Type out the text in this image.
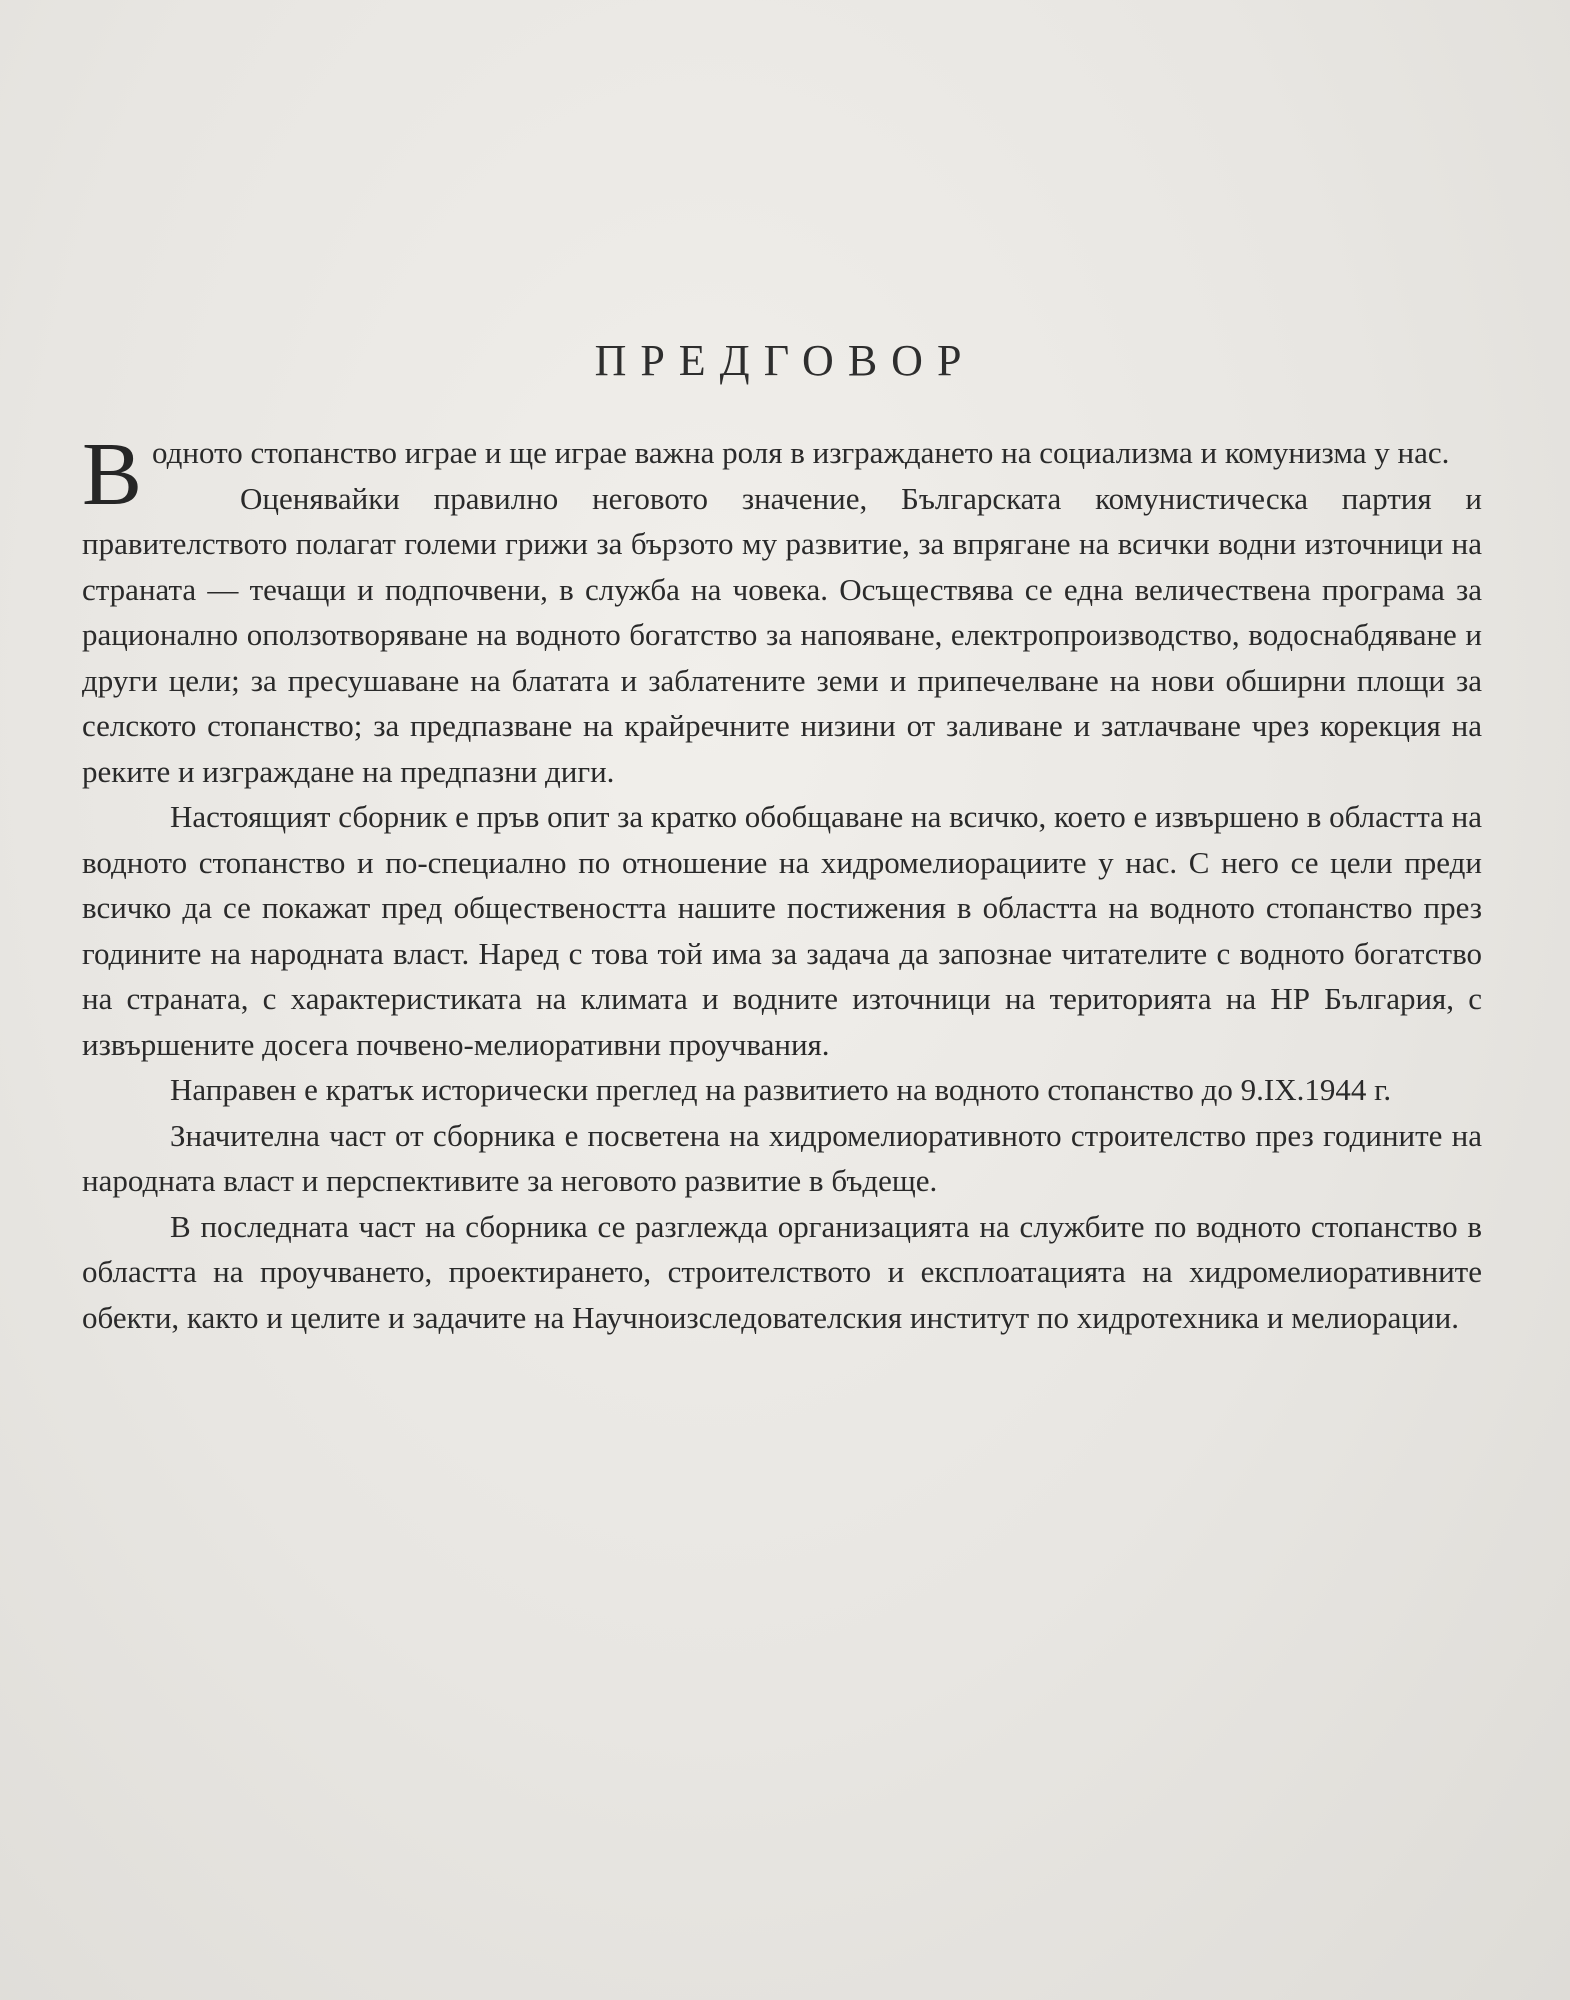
ПРЕДГОВОР

Водното стопанство играе и ще играе важна роля в изграждането на социализма и комунизма у нас.

Оценявайки правилно неговото значение, Българската комунистическа партия и правителството полагат големи грижи за бързото му развитие, за впрягане на всички водни източници на страната — течащи и подпочвени, в служба на човека. Осъществява се една величествена програма за рационално оползотворяване на водното богатство за напояване, електропроизводство, водоснабдяване и други цели; за пресушаване на блатата и заблатените земи и припечелване на нови обширни площи за селското стопанство; за предпазване на крайречните низини от заливане и затлачване чрез корекция на реките и изграждане на предпазни диги.

Настоящият сборник е пръв опит за кратко обобщаване на всичко, което е извършено в областта на водното стопанство и по-специално по отношение на хидромелиорациите у нас. С него се цели преди всичко да се покажат пред обществеността нашите постижения в областта на водното стопанство през годините на народната власт. Наред с това той има за задача да запознае читателите с водното богатство на страната, с характеристиката на климата и водните източници на територията на НР България, с извършените досега почвено-мелиоративни проучвания.

Направен е кратък исторически преглед на развитието на водното стопанство до 9.IX.1944 г.

Значителна част от сборника е посветена на хидромелиоративното строителство през годините на народната власт и перспективите за неговото развитие в бъдеще.

В последната част на сборника се разглежда организацията на службите по водното стопанство в областта на проучването, проектирането, строителството и експлоатацията на хидромелиоративните обекти, както и целите и задачите на Научноизследователския институт по хидротехника и мелиорации.
